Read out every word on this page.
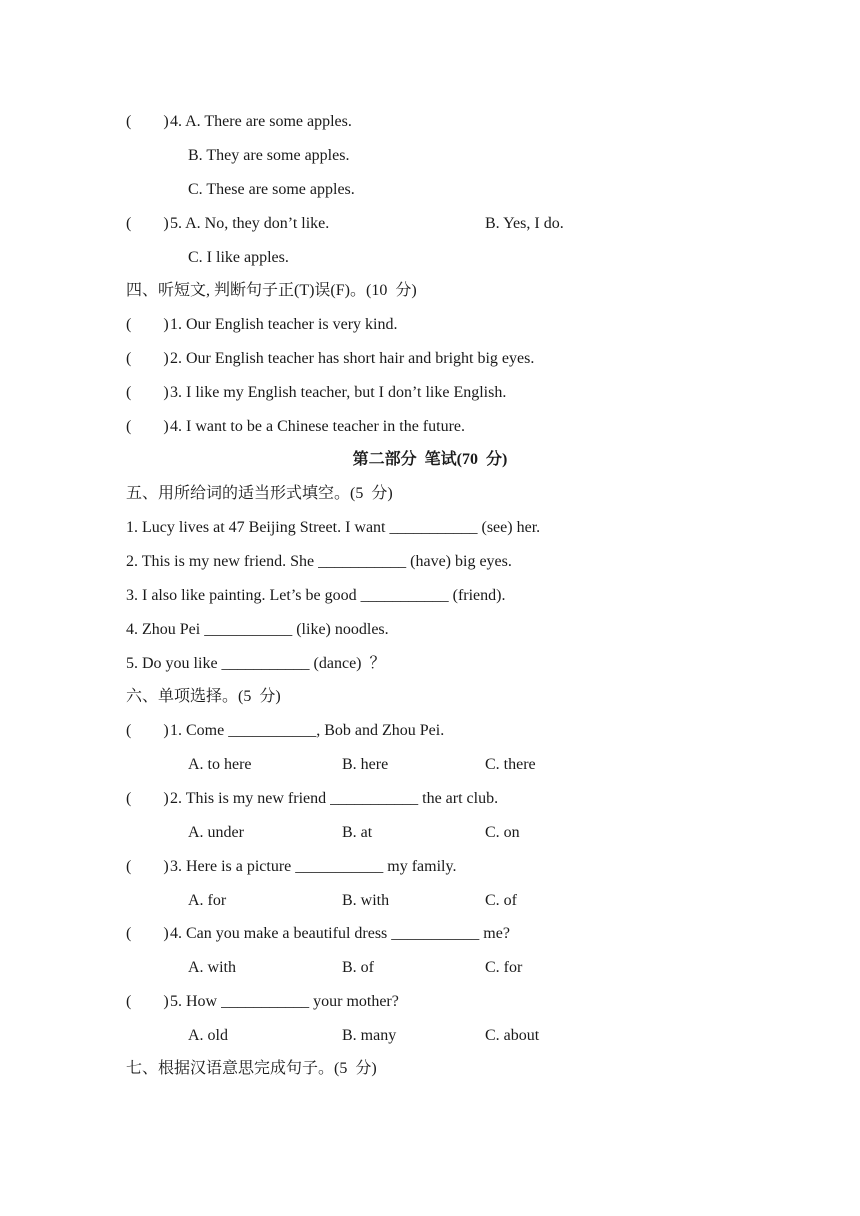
(        ) 4. A. There are some apples.
B. They are some apples.
C. These are some apples.
(        ) 5. A. No, they don’t like.	B. Yes, I do.
C. I like apples.
四、听短文, 判断句子正(T)误(F)。(10  分)
(        ) 1. Our English teacher is very kind.
(        ) 2. Our English teacher has short hair and bright big eyes.
(        ) 3. I like my English teacher, but I don’t like English.
(        ) 4. I want to be a Chinese teacher in the future.
第二部分  笔试(70  分)
五、用所给词的适当形式填空。(5  分)
1. Lucy lives at 47 Beijing Street. I want ___________ (see) her.
2. This is my new friend. She ___________ (have) big eyes.
3. I also like painting. Let’s be good ___________ (friend).
4. Zhou Pei ___________ (like) noodles.
5. Do you like ___________ (dance)  ？
六、单项选择。(5  分)
(        ) 1. Come ___________, Bob and Zhou Pei.
A. to here	B. here	C. there
(        ) 2. This is my new friend ___________ the art club.
A. under	B. at	C. on
(        ) 3. Here is a picture ___________ my family.
A. for	B. with	C. of
(        ) 4. Can you make a beautiful dress ___________ me?
A. with	B. of	C. for
(        ) 5. How ___________ your mother?
A. old	B. many	C. about
七、根据汉语意思完成句子。(5  分)
